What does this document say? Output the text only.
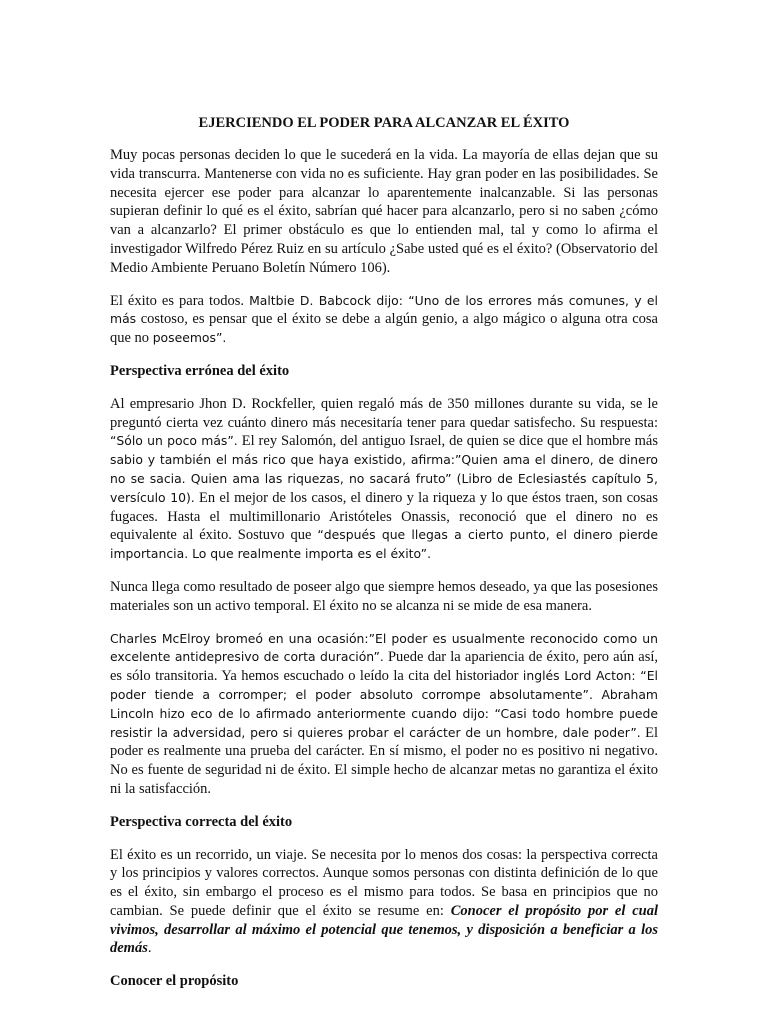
EJERCIENDO EL PODER PARA ALCANZAR EL ÉXITO

Muy pocas personas deciden lo que le sucederá en la vida. La mayoría de ellas dejan que su vida transcurra. Mantenerse con vida no es suficiente. Hay gran poder en las posibilidades. Se necesita ejercer ese poder para alcanzar lo aparentemente inalcanzable. Si las personas supieran definir lo qué es el éxito, sabrían qué hacer para alcanzarlo, pero si no saben ¿cómo van a alcanzarlo? El primer obstáculo es que lo entienden mal, tal y como lo afirma el investigador Wilfredo Pérez Ruiz en su artículo ¿Sabe usted qué es el éxito? (Observatorio del Medio Ambiente Peruano Boletín Número 106).

El éxito es para todos. Maltbie D. Babcock dijo: “Uno de los errores más comunes, y el más costoso, es pensar que el éxito se debe a algún genio, a algo mágico o alguna otra cosa que no poseemos”.

Perspectiva errónea del éxito

Al empresario Jhon D. Rockfeller, quien regaló más de 350 millones durante su vida, se le preguntó cierta vez cuánto dinero más necesitaría tener para quedar satisfecho. Su respuesta: “Sólo un poco más”. El rey Salomón, del antiguo Israel, de quien se dice que el hombre más sabio y también el más rico que haya existido, afirma:”Quien ama el dinero, de dinero no se sacia. Quien ama las riquezas, no sacará fruto” (Libro de Eclesiastés capítulo 5, versículo 10). En el mejor de los casos, el dinero y la riqueza y lo que éstos traen, son cosas fugaces. Hasta el multimillonario Aristóteles Onassis, reconoció que el dinero no es equivalente al éxito. Sostuvo que “después que llegas a cierto punto, el dinero pierde importancia. Lo que realmente importa es el éxito”.

Nunca llega como resultado de poseer algo que siempre hemos deseado, ya que las posesiones materiales son un activo temporal. El éxito no se alcanza ni se mide de esa manera.

Charles McElroy bromeó en una ocasión:”El poder es usualmente reconocido como un excelente antidepresivo de corta duración”. Puede dar la apariencia de éxito, pero aún así, es sólo transitoria. Ya hemos escuchado o leído la cita del historiador inglés Lord Acton: “El poder tiende a corromper; el poder absoluto corrompe absolutamente”. Abraham Lincoln hizo eco de lo afirmado anteriormente cuando dijo: “Casi todo hombre puede resistir la adversidad, pero si quieres probar el carácter de un hombre, dale poder”. El poder es realmente una prueba del carácter. En sí mismo, el poder no es positivo ni negativo. No es fuente de seguridad ni de éxito. El simple hecho de alcanzar metas no garantiza el éxito ni la satisfacción.

Perspectiva correcta del éxito

El éxito es un recorrido, un viaje. Se necesita por lo menos dos cosas: la perspectiva correcta y los principios y valores correctos. Aunque somos personas con distinta definición de lo que es el éxito, sin embargo el proceso es el mismo para todos. Se basa en principios que no cambian. Se puede definir que el éxito se resume en: Conocer el propósito por el cual vivimos, desarrollar al máximo el potencial que tenemos, y disposición a beneficiar a los demás.

Conocer el propósito
